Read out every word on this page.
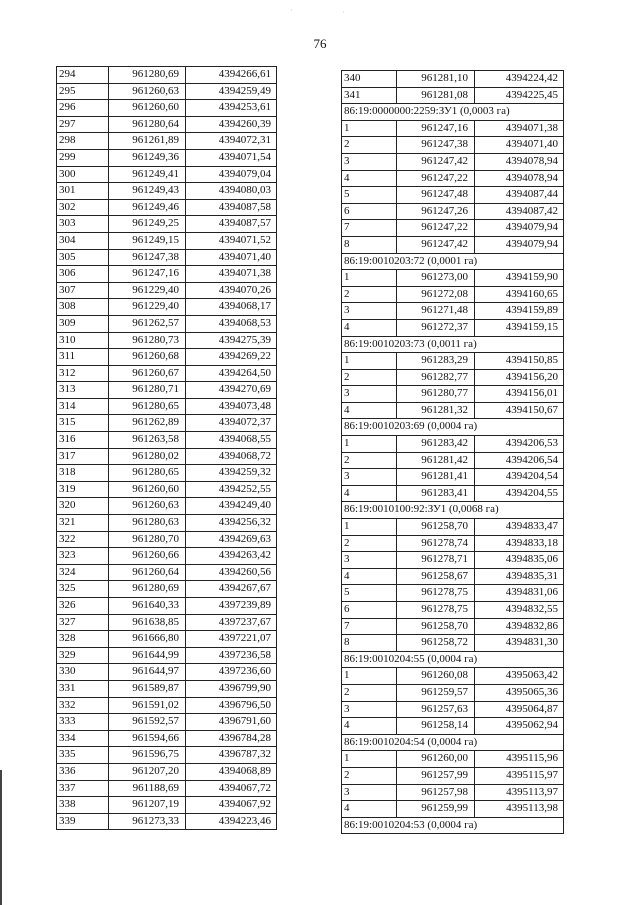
76
294	961280,69	4394266,61
295	961260,63	4394259,49
296	961260,60	4394253,61
297	961280,64	4394260,39
298	961261,89	4394072,31
299	961249,36	4394071,54
300	961249,41	4394079,04
301	961249,43	4394080,03
302	961249,46	4394087,58
303	961249,25	4394087,57
304	961249,15	4394071,52
305	961247,38	4394071,40
306	961247,16	4394071,38
307	961229,40	4394070,26
308	961229,40	4394068,17
309	961262,57	4394068,53
310	961280,73	4394275,39
311	961260,68	4394269,22
312	961260,67	4394264,50
313	961280,71	4394270,69
314	961280,65	4394073,48
315	961262,89	4394072,37
316	961263,58	4394068,55
317	961280,02	4394068,72
318	961280,65	4394259,32
319	961260,60	4394252,55
320	961260,63	4394249,40
321	961280,63	4394256,32
322	961280,70	4394269,63
323	961260,66	4394263,42
324	961260,64	4394260,56
325	961280,69	4394267,67
326	961640,33	4397239,89
327	961638,85	4397237,67
328	961666,80	4397221,07
329	961644,99	4397236,58
330	961644,97	4397236,60
331	961589,87	4396799,90
332	961591,02	4396796,50
333	961592,57	4396791,60
334	961594,66	4396784,28
335	961596,75	4396787,32
336	961207,20	4394068,89
337	961188,69	4394067,72
338	961207,19	4394067,92
339	961273,33	4394223,46
340	961281,10	4394224,42
341	961281,08	4394225,45
86:19:0000000:2259:ЗУ1 (0,0003 га)		
1	961247,16	4394071,38
2	961247,38	4394071,40
3	961247,42	4394078,94
4	961247,22	4394078,94
5	961247,48	4394087,44
6	961247,26	4394087,42
7	961247,22	4394079,94
8	961247,42	4394079,94
86:19:0010203:72 (0,0001 га)		
1	961273,00	4394159,90
2	961272,08	4394160,65
3	961271,48	4394159,89
4	961272,37	4394159,15
86:19:0010203:73 (0,0011 га)		
1	961283,29	4394150,85
2	961282,77	4394156,20
3	961280,77	4394156,01
4	961281,32	4394150,67
86:19:0010203:69 (0,0004 га)		
1	961283,42	4394206,53
2	961281,42	4394206,54
3	961281,41	4394204,54
4	961283,41	4394204,55
86:19:0010100:92:ЗУ1 (0,0068 га)		
1	961258,70	4394833,47
2	961278,74	4394833,18
3	961278,71	4394835,06
4	961258,67	4394835,31
5	961278,75	4394831,06
6	961278,75	4394832,55
7	961258,70	4394832,86
8	961258,72	4394831,30
86:19:0010204:55 (0,0004 га)		
1	961260,08	4395063,42
2	961259,57	4395065,36
3	961257,63	4395064,87
4	961258,14	4395062,94
86:19:0010204:54 (0,0004 га)		
1	961260,00	4395115,96
2	961257,99	4395115,97
3	961257,98	4395113,97
4	961259,99	4395113,98
86:19:0010204:53 (0,0004 га)		
·	·
